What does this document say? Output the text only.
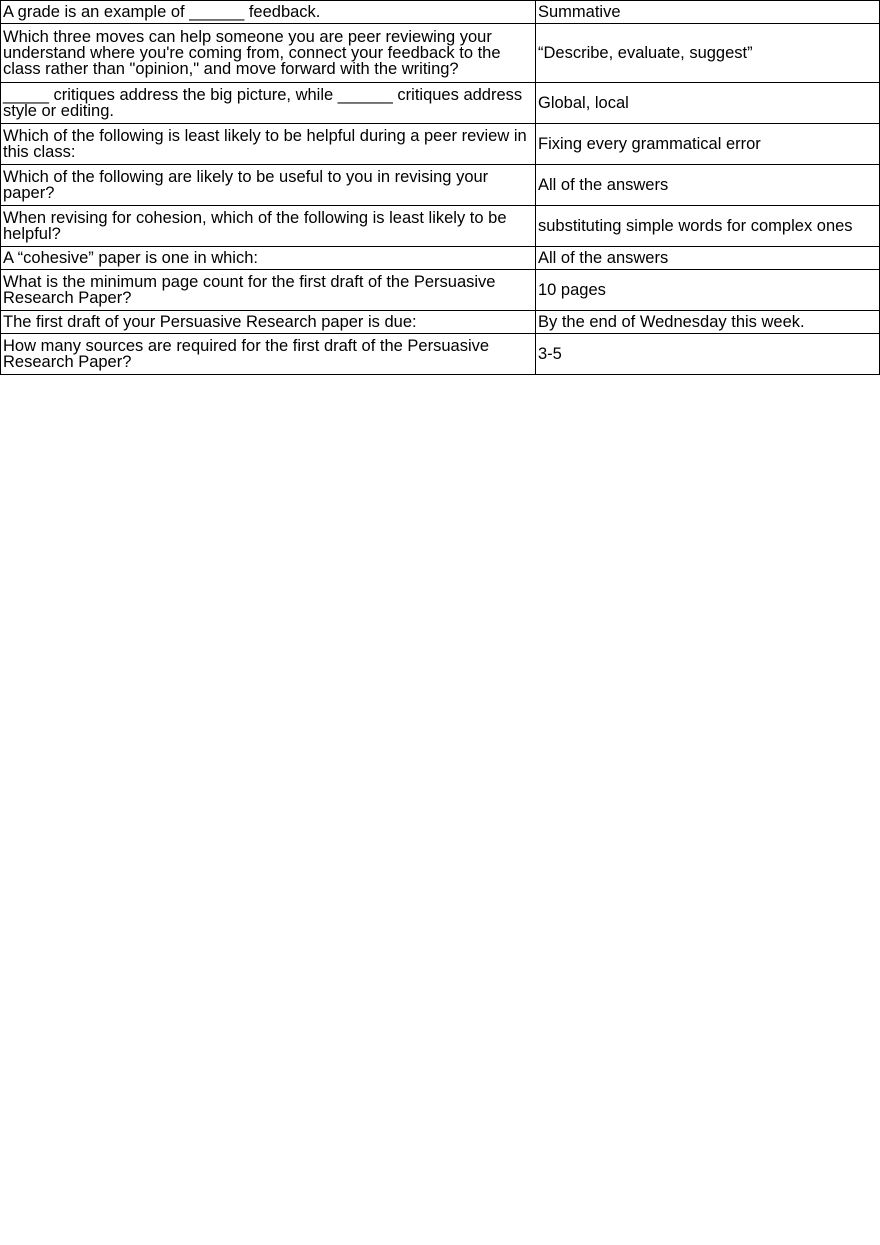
A grade is an example of ______ feedback.	Summative
Which three moves can help someone you are peer reviewing your understand where you're coming from, connect your feedback to the class rather than "opinion," and move forward with the writing?	“Describe, evaluate, suggest”
_____ critiques address the big picture, while ______ critiques address style or editing.	Global, local
Which of the following is least likely to be helpful during a peer review in this class:	Fixing every grammatical error
Which of the following are likely to be useful to you in revising your paper?	All of the answers
When revising for cohesion, which of the following is least likely to be helpful?	substituting simple words for complex ones
A “cohesive” paper is one in which:	All of the answers
What is the minimum page count for the first draft of the Persuasive Research Paper?	10 pages
The first draft of your Persuasive Research paper is due:	By the end of Wednesday this week.
How many sources are required for the first draft of the Persuasive Research Paper?	3-5
